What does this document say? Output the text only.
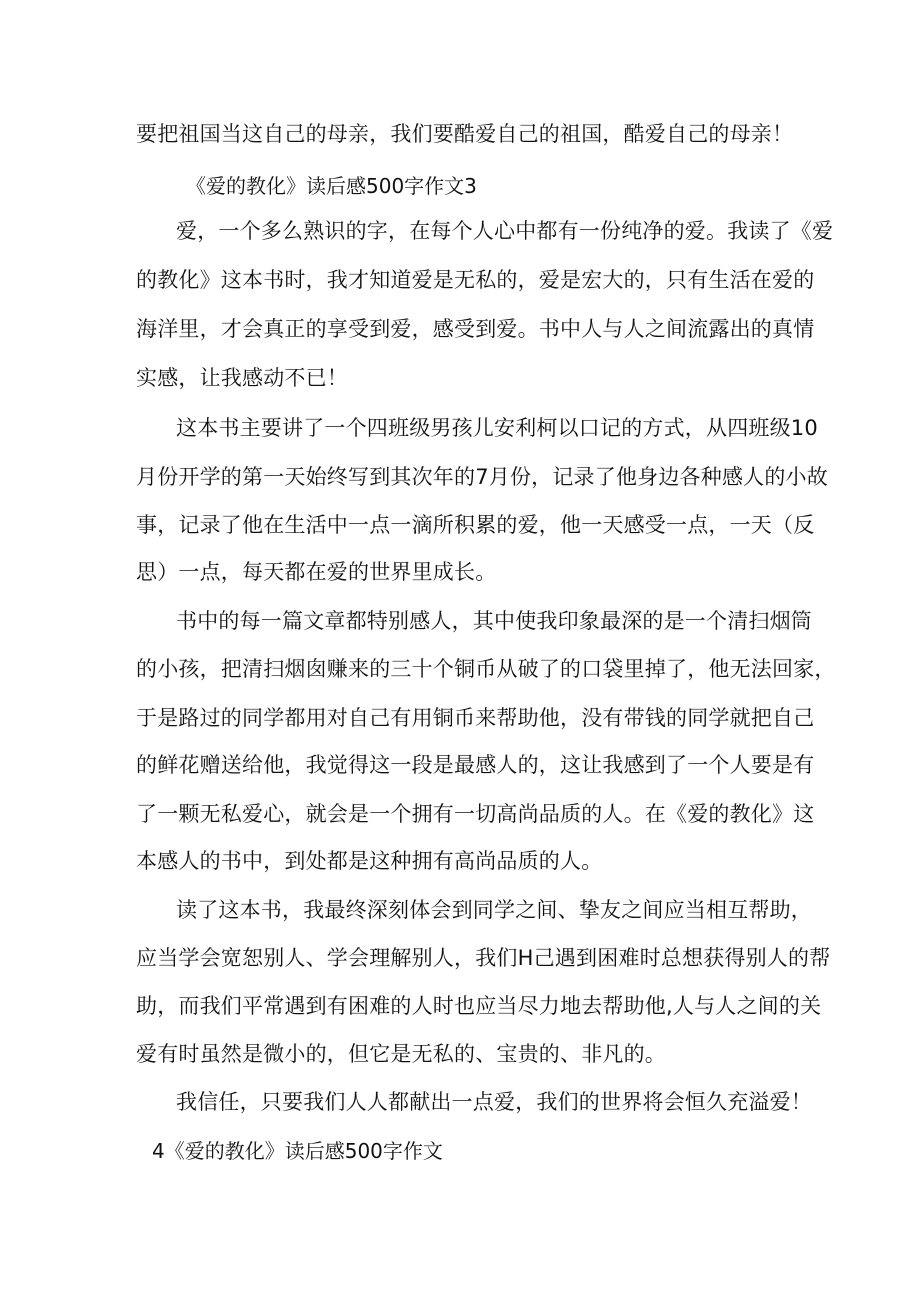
要把祖国当这自己的母亲，我们要酷爱自己的祖国，酷爱自己的母亲！
《爱的教化》读后感500字作文3
爱，一个多么熟识的字，在每个人心中都有一份纯净的爱。我读了《爱
的教化》这本书时，我才知道爱是无私的，爱是宏大的，只有生活在爱的
海洋里，才会真正的享受到爱，感受到爱。书中人与人之间流露出的真情
实感，让我感动不已！
这本书主要讲了一个四班级男孩儿安利柯以口记的方式，从四班级10
月份开学的第一天始终写到其次年的7月份，记录了他身边各种感人的小故
事，记录了他在生活中一点一滴所积累的爱，他一天感受一点，一天（反
思）一点，每天都在爱的世界里成长。
书中的每一篇文章都特别感人，其中使我印象最深的是一个清扫烟筒
的小孩，把清扫烟囱赚来的三十个铜币从破了的口袋里掉了，他无法回家，
于是路过的同学都用对自己有用铜币来帮助他，没有带钱的同学就把自己
的鲜花赠送给他，我觉得这一段是最感人的，这让我感到了一个人要是有
了一颗无私爱心，就会是一个拥有一切高尚品质的人。在《爱的教化》这
本感人的书中，到处都是这种拥有高尚品质的人。
读了这本书，我最终深刻体会到同学之间、挚友之间应当相互帮助，
应当学会宽恕别人、学会理解别人，我们H己遇到困难时总想获得别人的帮
助，而我们平常遇到有困难的人时也应当尽力地去帮助他,人与人之间的关
爱有时虽然是微小的，但它是无私的、宝贵的、非凡的。
我信任，只要我们人人都献出一点爱，我们的世界将会恒久充溢爱！
4《爱的教化》读后感500字作文
